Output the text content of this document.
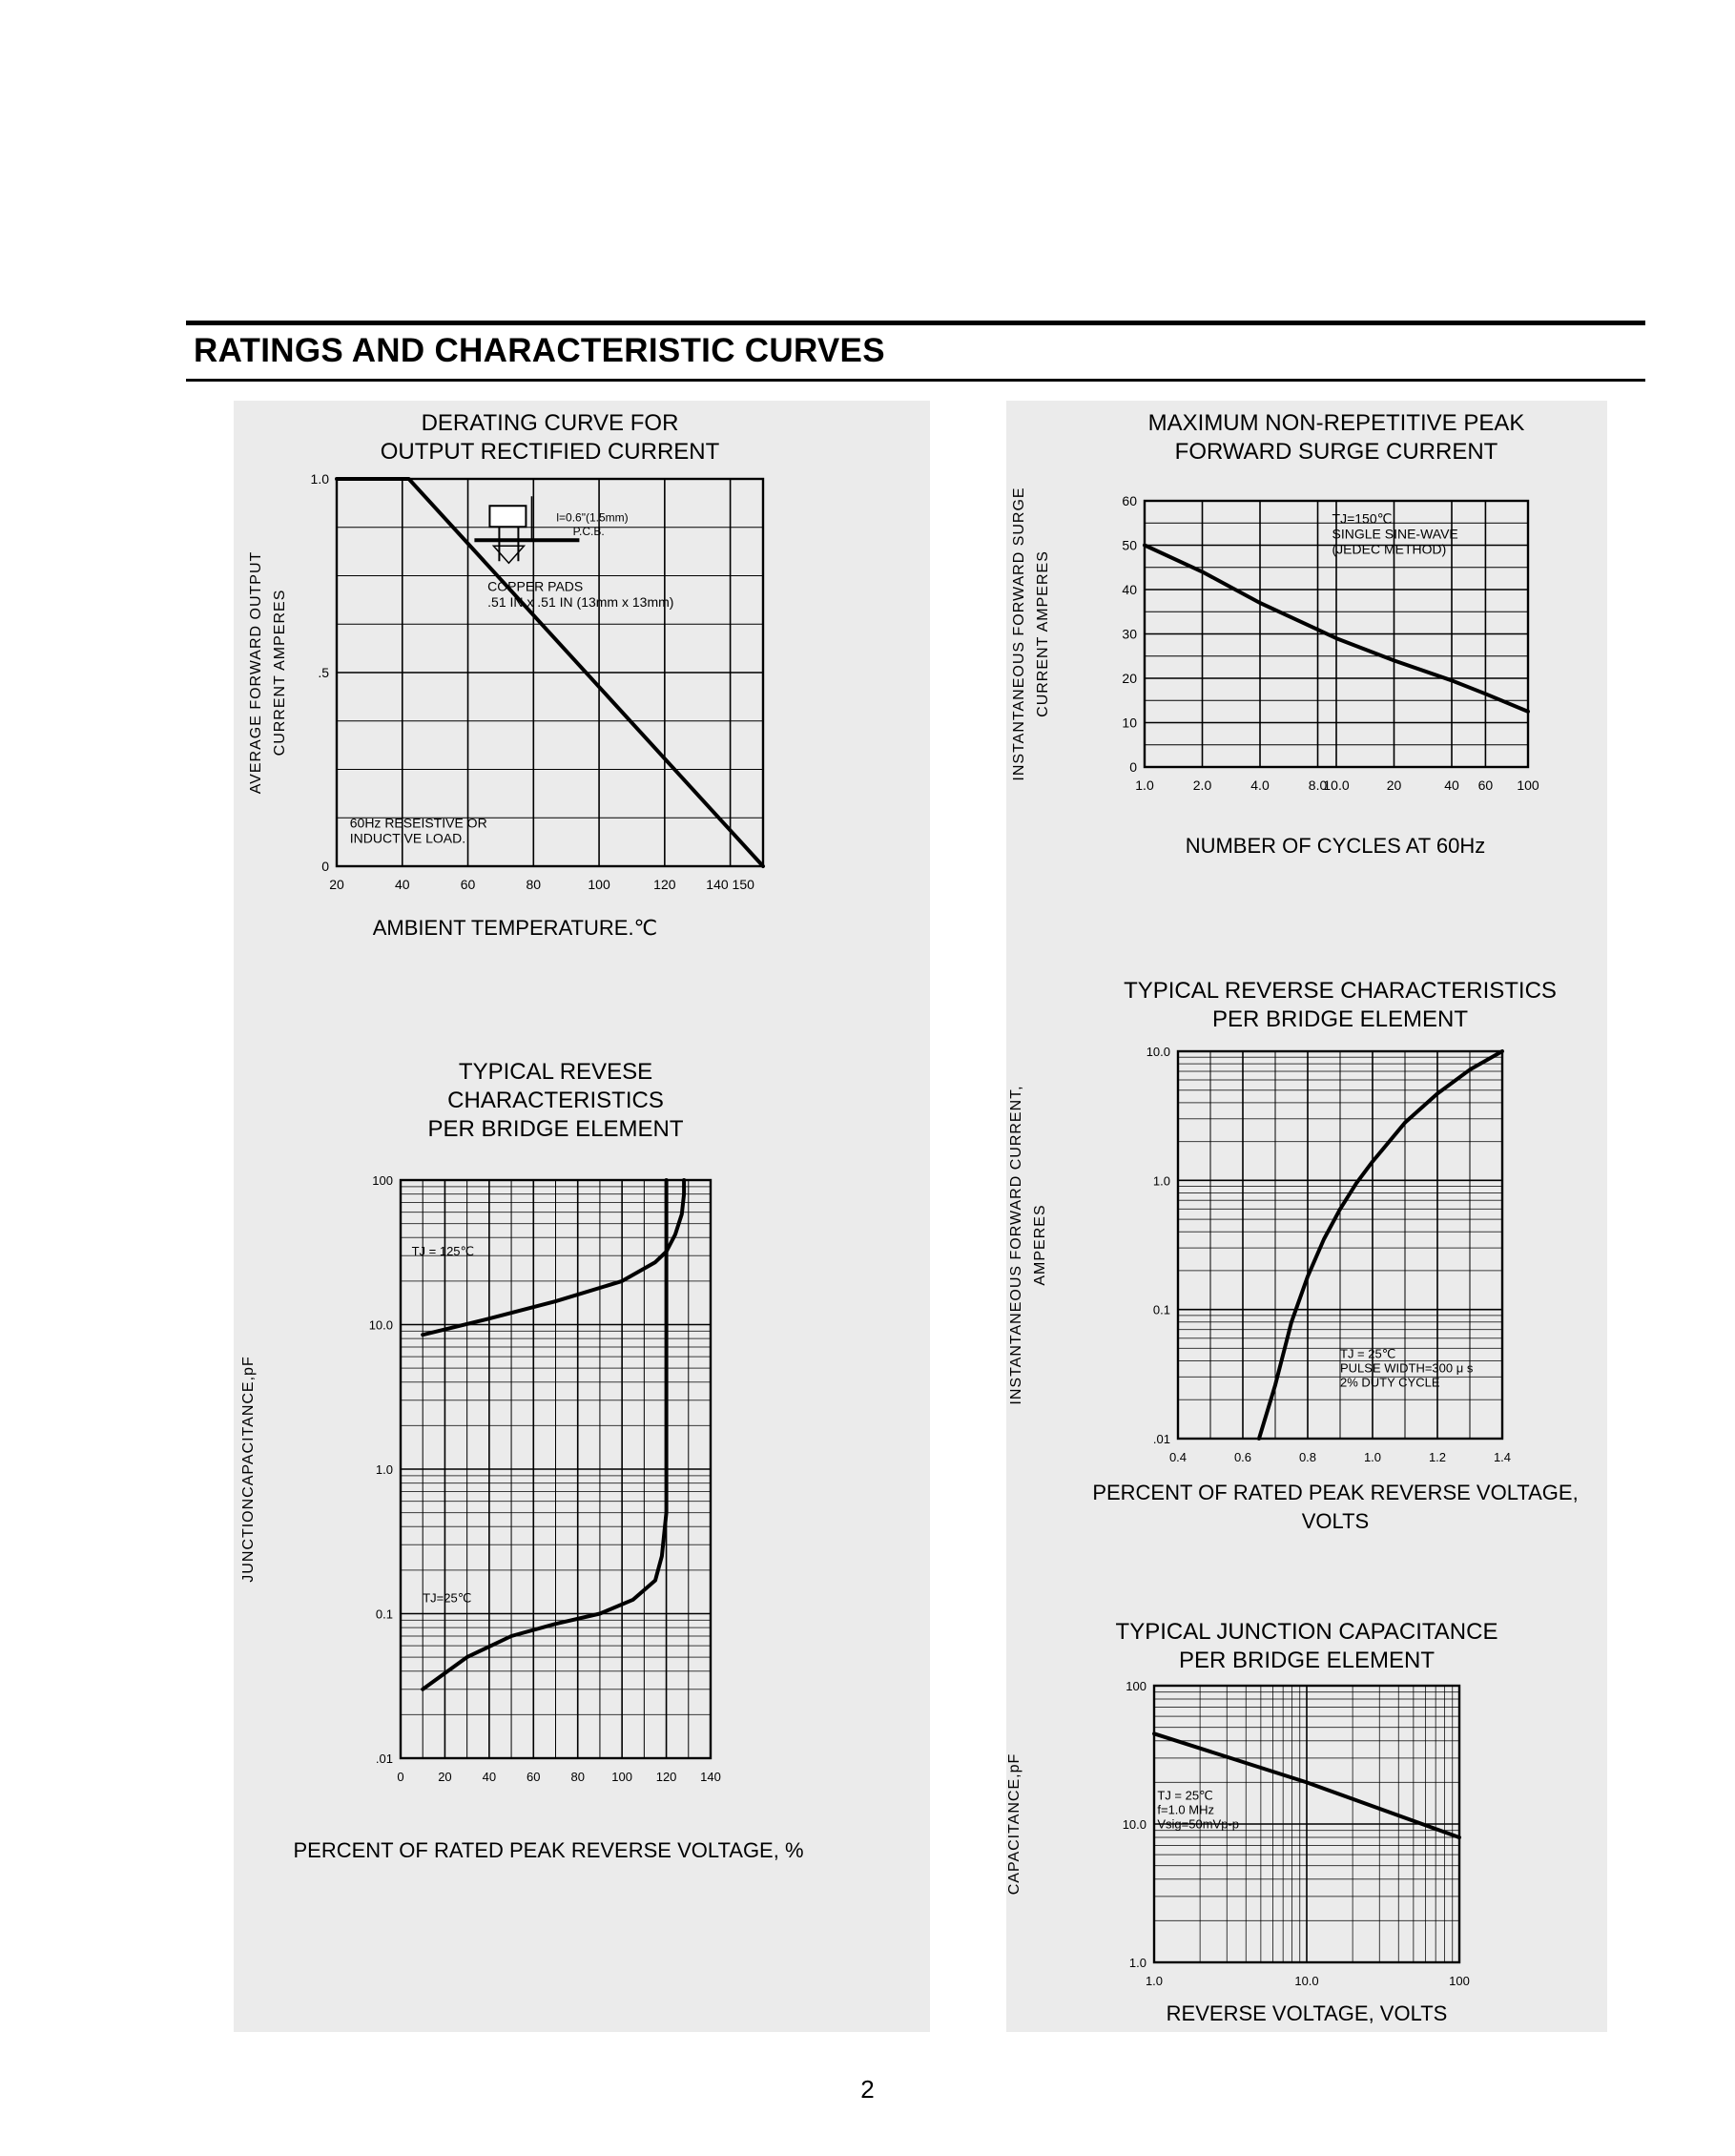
RATINGS AND CHARACTERISTIC CURVES
20	40	60	80	100	120 140 150
0
.5
1.0
l=0.6"(1.5mm)
P.C.B.
COPPER PADS
.51 IN x .51 IN (13mm x 13mm)
60Hz RESEISTIVE OR
INDUCTIVE LOAD.
DERATING CURVE FOR
OUTPUT RECTIFIED CURRENT
AMBIENT TEMPERATURE.℃
AVERAGE FORWARD OUTPUT CURRENT AMPERES
1.0	2.0	4.0	8.0
10.0	20	40 60 100
0
10
20
30
40
50
60
TJ=150℃
SINGLE SINE-WAVE
(JEDEC METHOD)
MAXIMUM NON-REPETITIVE PEAK
FORWARD SURGE CURRENT
NUMBER OF CYCLES AT 60Hz
INSTANTANEOUS FORWARD SURGE CURRENT AMPERES
0	20 40 60 80 100 120 140
.01
0.1
1.0
10.0
100
TJ = 125℃
TJ=25℃
TYPICAL REVESE
CHARACTERISTICS
PER BRIDGE ELEMENT
PERCENT OF RATED PEAK REVERSE VOLTAGE, %
JUNCTIONCAPACITANCE,pF	0.4	0.6	0.8	1.0	1.2	1.4
.01
0.1
1.0
10.0
TJ = 25℃
PULSE WIDTH=300 μ s
2% DUTY CYCLE
TYPICAL REVERSE CHARACTERISTICS
PER BRIDGE ELEMENT
PERCENT OF RATED PEAK REVERSE VOLTAGE,
VOLTS
INSTANTANEOUS FORWARD CURRENT, AMPERES
1.0	10.0	100
1.0
10.0
100
TJ = 25℃
f=1.0 MHz
Vsig=50mVp-p
TYPICAL JUNCTION CAPACITANCE
PER BRIDGE ELEMENT
REVERSE VOLTAGE, VOLTS
CAPACITANCE,pF
2
